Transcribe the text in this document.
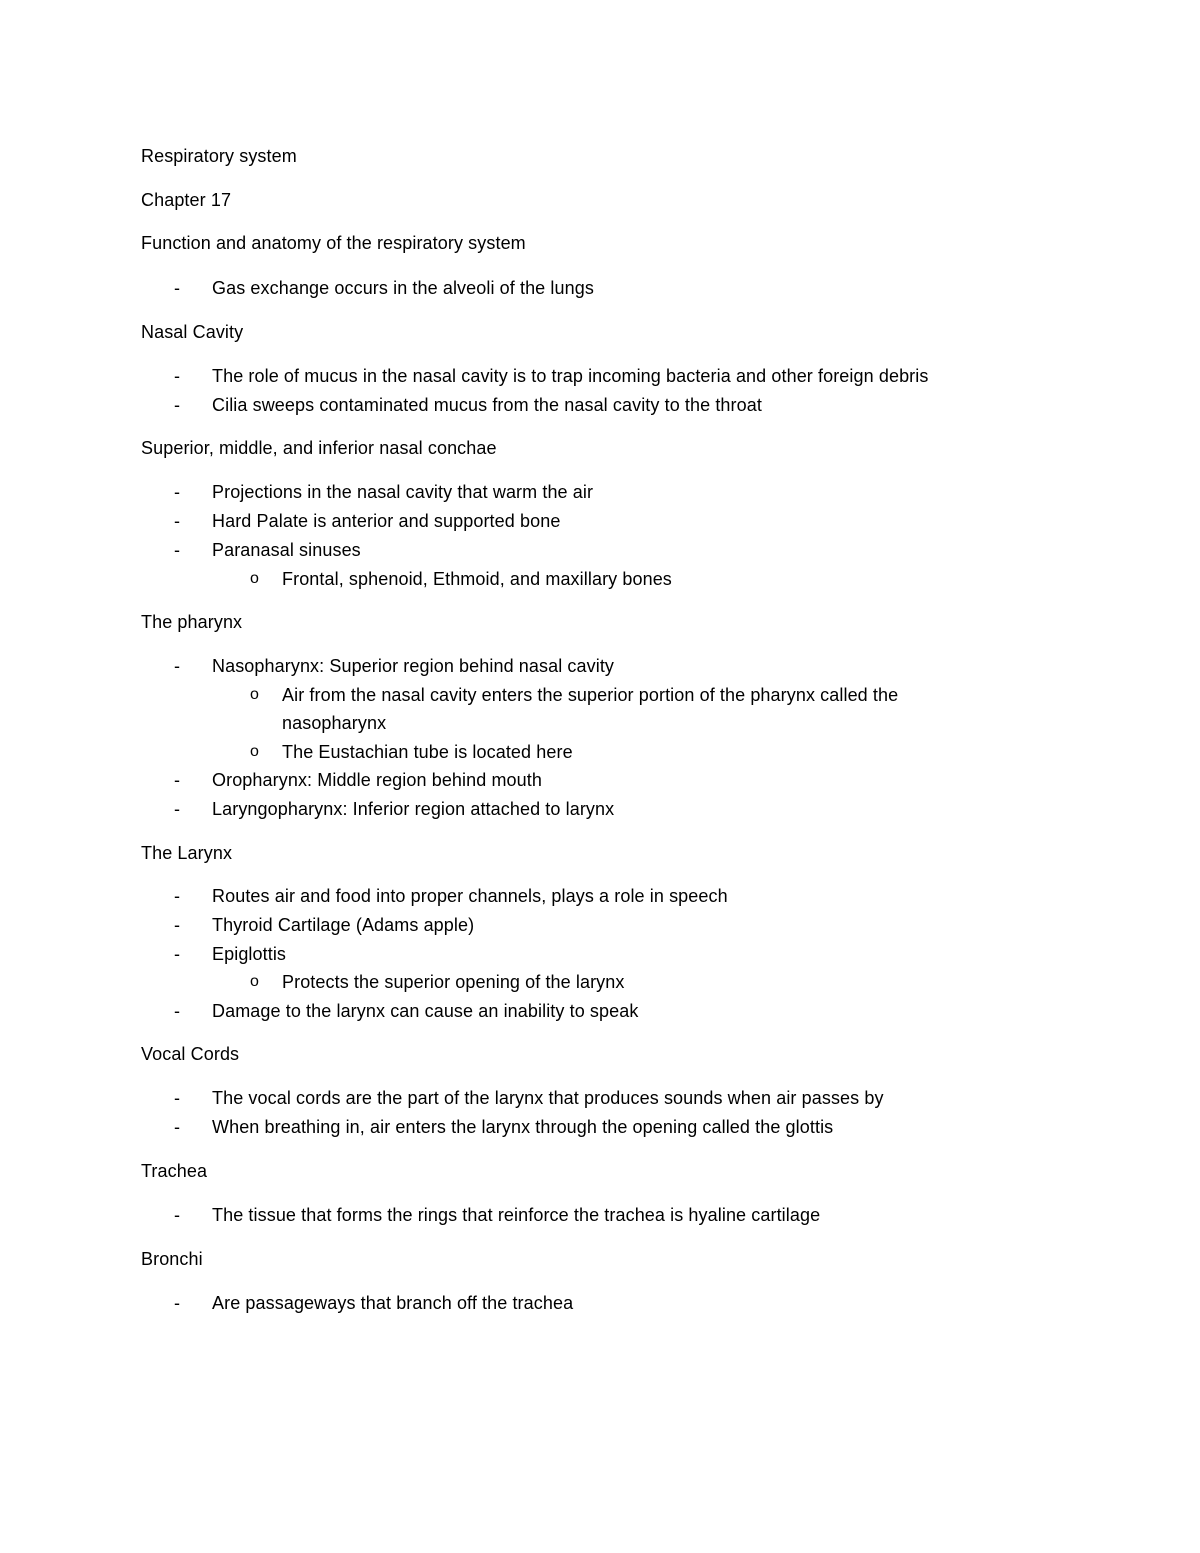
Respiratory system
Chapter 17
Function and anatomy of the respiratory system
- Gas exchange occurs in the alveoli of the lungs
Nasal Cavity
- The role of mucus in the nasal cavity is to trap incoming bacteria and other foreign debris
- Cilia sweeps contaminated mucus from the nasal cavity to the throat
Superior, middle, and inferior nasal conchae
- Projections in the nasal cavity that warm the air
- Hard Palate is anterior and supported bone
- Paranasal sinuses
o Frontal, sphenoid, Ethmoid, and maxillary bones
The pharynx
- Nasopharynx: Superior region behind nasal cavity
o Air from the nasal cavity enters the superior portion of the pharynx called the
nasopharynx
o The Eustachian tube is located here
- Oropharynx: Middle region behind mouth
- Laryngopharynx: Inferior region attached to larynx
The Larynx
- Routes air and food into proper channels, plays a role in speech
- Thyroid Cartilage (Adams apple)
- Epiglottis
o Protects the superior opening of the larynx
- Damage to the larynx can cause an inability to speak
Vocal Cords
- The vocal cords are the part of the larynx that produces sounds when air passes by
- When breathing in, air enters the larynx through the opening called the glottis
Trachea
- The tissue that forms the rings that reinforce the trachea is hyaline cartilage
Bronchi
- Are passageways that branch off the trachea
